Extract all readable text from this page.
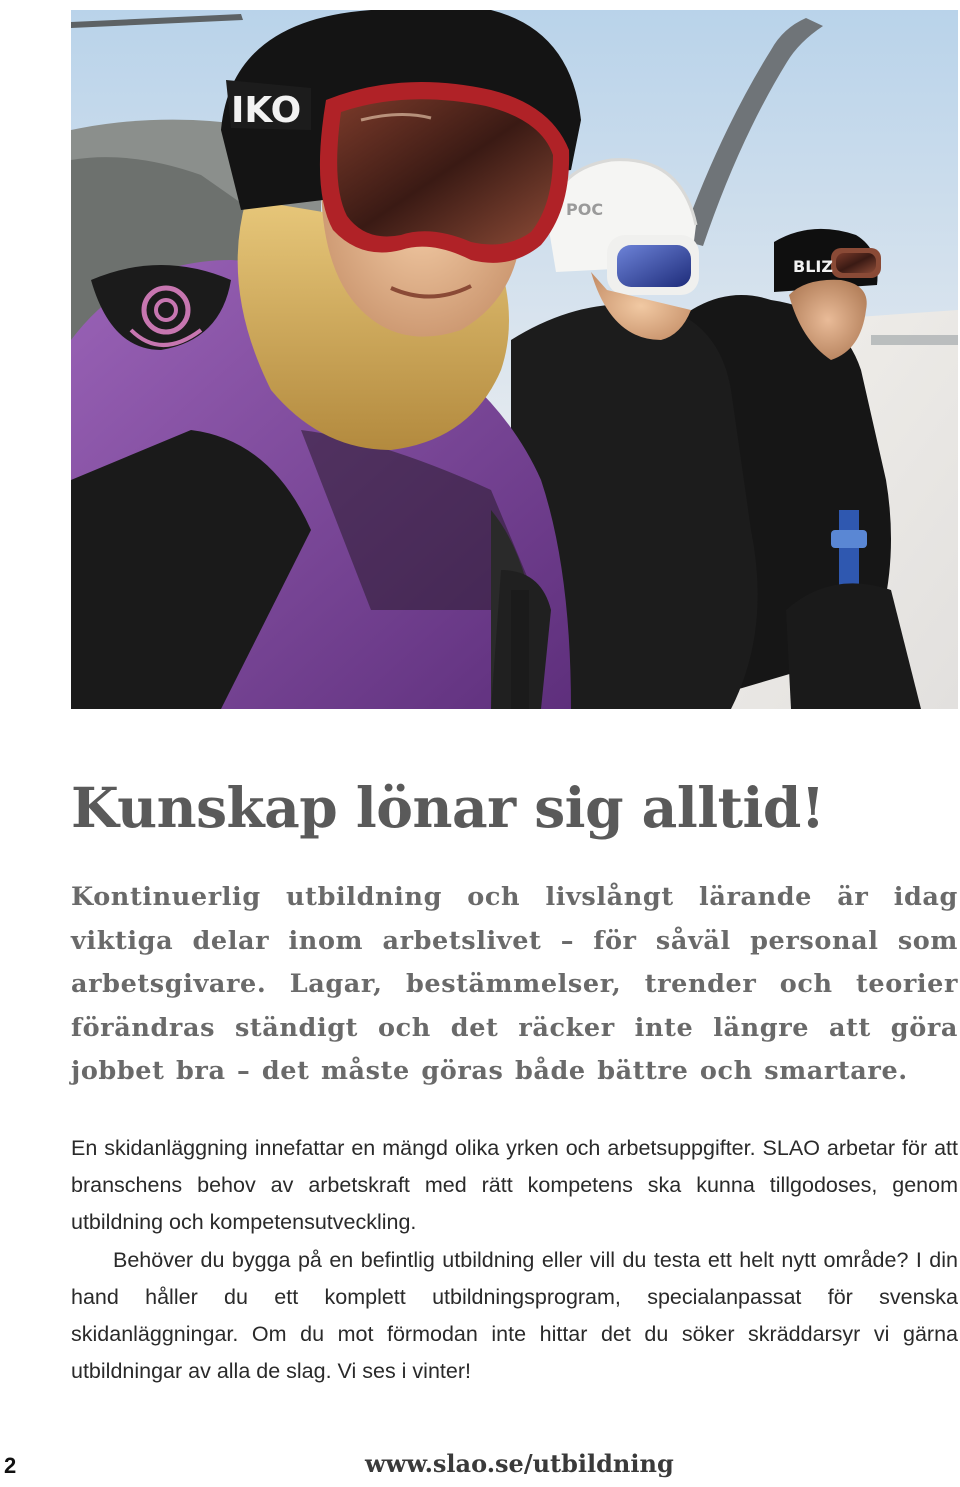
IKO
POC
BLIZ
Kunskap lönar sig alltid!

Kontinuerlig utbildning och livslångt lärande är idag viktiga delar inom arbetslivet – för såväl personal som arbetsgivare. Lagar, bestämmelser, trender och teorier förändras ständigt och det räcker inte längre att göra jobbet bra – det måste göras både bättre och smartare.

En skidanläggning innefattar en mängd olika yrken och arbetsuppgifter. SLAO arbetar för att branschens behov av arbetskraft med rätt kompetens ska kunna tillgodoses, genom utbildning och kompetensutveckling.

Behöver du bygga på en befintlig utbildning eller vill du testa ett helt nytt område? I din hand håller du ett komplett utbildningsprogram, specialanpassat för svenska skidanläggningar. Om du mot förmodan inte hittar det du söker skräddarsyr vi gärna utbildningar av alla de slag. Vi ses i vinter!

2	www.slao.se/utbildning
